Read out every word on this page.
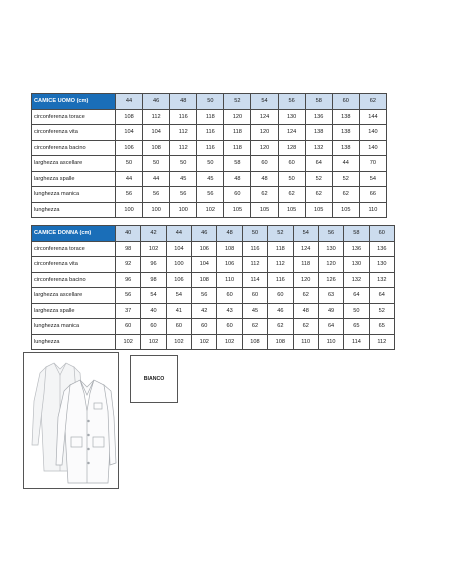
CAMICE UOMO (cm)	44	46	48	50	52	54	56	58	60	62
circonferenza torace	108	112	116	118	120	124	130	136	138	144
circonferenza vita	104	104	112	116	118	120	124	138	138	140
circonferenza bacino	106	108	112	116	118	120	128	132	138	140
larghezza ascellare	50	50	50	50	58	60	60	64	44	70
larghezza spalle	44	44	45	45	48	48	50	52	52	54
lunghezza manica	56	56	56	56	60	62	62	62	62	66
lunghezza	100	100	100	102	105	105	105	105	105	110
CAMICE DONNA (cm)	40	42	44	46	48	50	52	54	56	58	60
circonferenza torace	98	102	104	106	108	116	118	124	130	136	136
circonferenza vita	92	96	100	104	106	112	112	118	120	130	130
circonferenza bacino	96	98	106	108	110	114	116	120	126	132	132
larghezza ascellare	56	54	54	56	60	60	60	62	63	64	64
larghezza spalle	37	40	41	42	43	45	46	48	49	50	52
lunghezza manica	60	60	60	60	60	62	62	62	64	65	65
lunghezza	102	102	102	102	102	108	108	110	110	114	112
BIANCO
